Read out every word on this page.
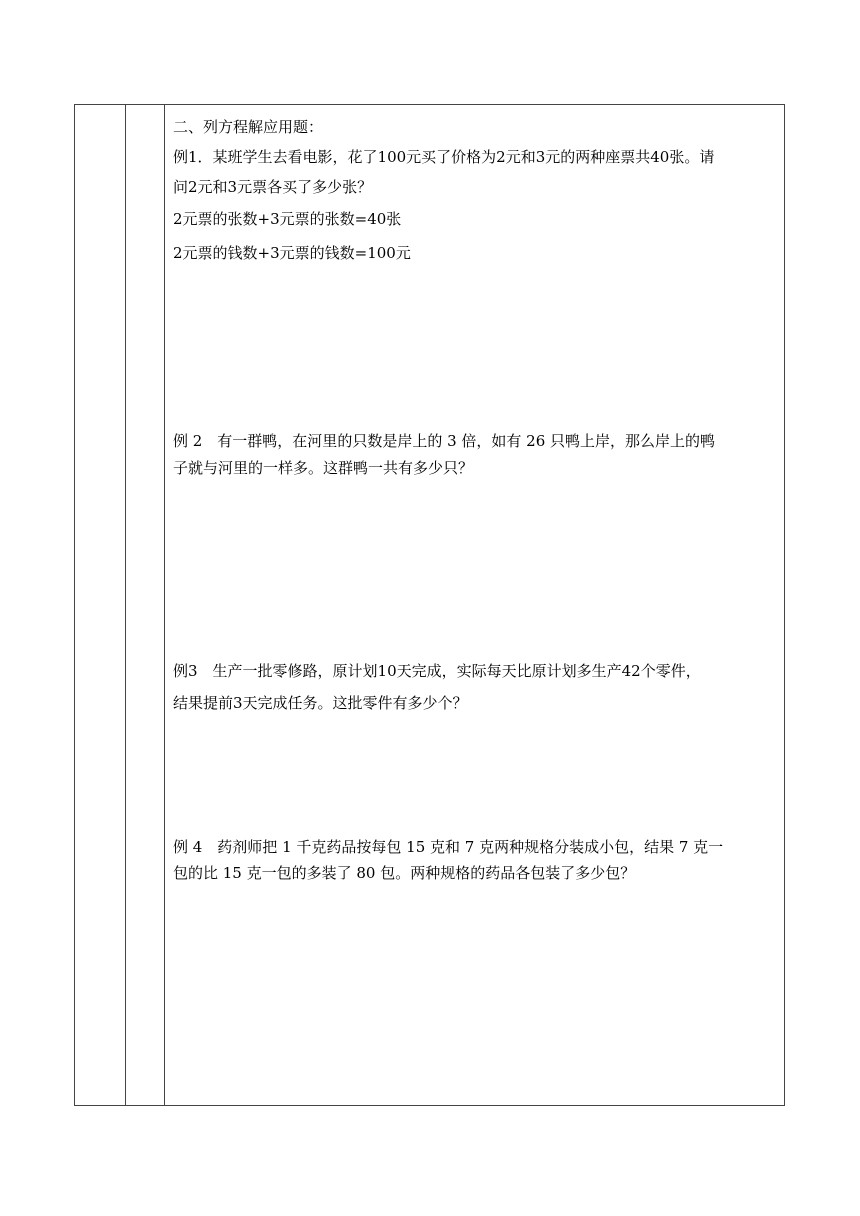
二、列方程解应用题：
例1．某班学生去看电影，花了100元买了价格为2元和3元的两种座票共40张。请
问2元和3元票各买了多少张？
2元票的张数+3元票的张数=40张
2元票的钱数+3元票的钱数=100元
例 2　有一群鸭，在河里的只数是岸上的 3 倍，如有 26 只鸭上岸，那么岸上的鸭
子就与河里的一样多。这群鸭一共有多少只？
例3　生产一批零修路，原计划10天完成，实际每天比原计划多生产42个零件，
结果提前3天完成任务。这批零件有多少个？
例 4　药剂师把 1 千克药品按每包 15 克和 7 克两种规格分装成小包，结果 7 克一
包的比 15 克一包的多装了 80 包。两种规格的药品各包装了多少包？
